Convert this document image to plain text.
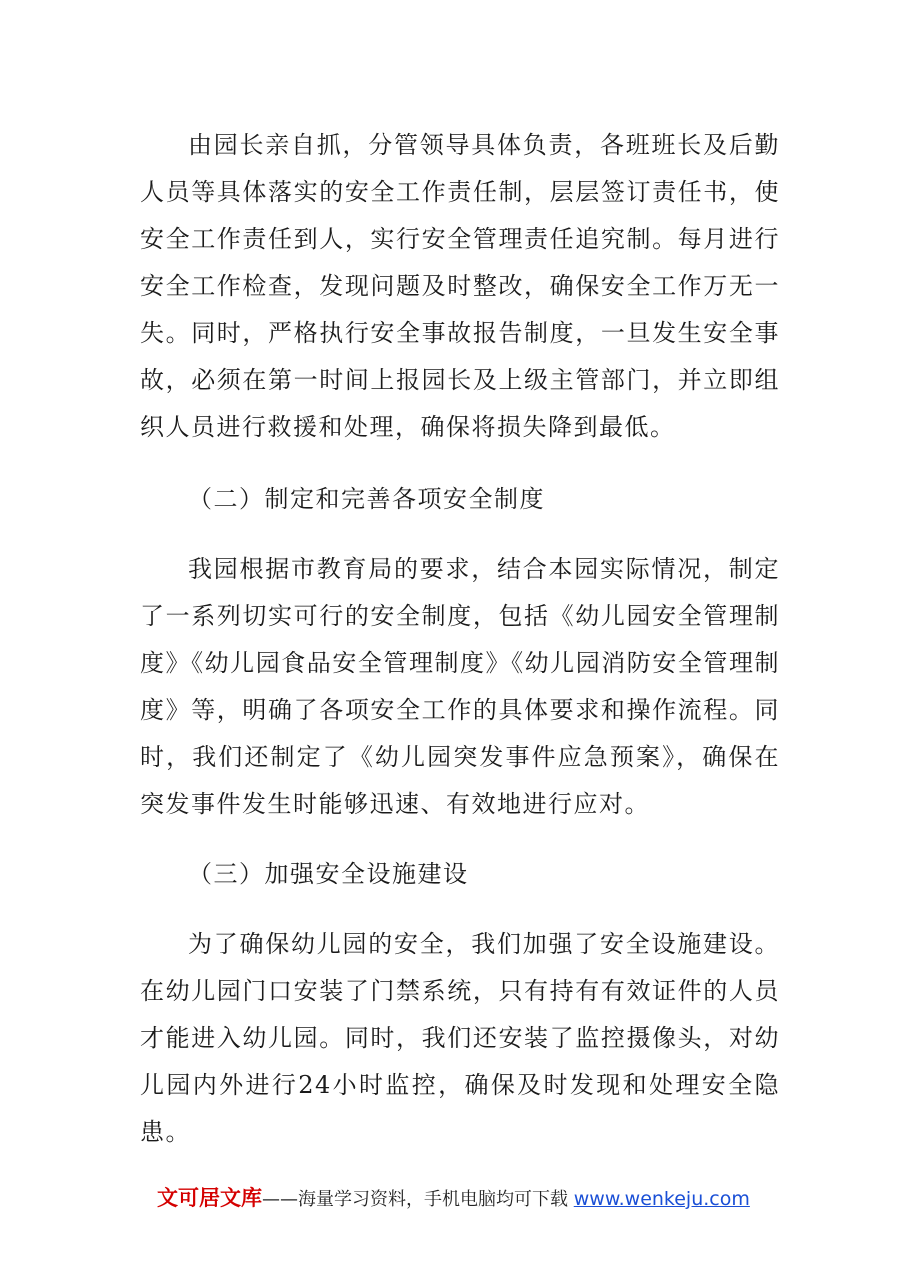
由园长亲自抓，分管领导具体负责，各班班长及后勤人员等具体落实的安全工作责任制，层层签订责任书，使安全工作责任到人，实行安全管理责任追究制。每月进行安全工作检查，发现问题及时整改，确保安全工作万无一失。同时，严格执行安全事故报告制度，一旦发生安全事故，必须在第一时间上报园长及上级主管部门，并立即组织人员进行救援和处理，确保将损失降到最低。

（二）制定和完善各项安全制度

我园根据市教育局的要求，结合本园实际情况，制定了一系列切实可行的安全制度，包括《幼儿园安全管理制度》《幼儿园食品安全管理制度》《幼儿园消防安全管理制度》等，明确了各项安全工作的具体要求和操作流程。同时，我们还制定了《幼儿园突发事件应急预案》，确保在突发事件发生时能够迅速、有效地进行应对。

（三）加强安全设施建设

为了确保幼儿园的安全，我们加强了安全设施建设。在幼儿园门口安装了门禁系统，只有持有有效证件的人员才能进入幼儿园。同时，我们还安装了监控摄像头，对幼儿园内外进行24小时监控，确保及时发现和处理安全隐患。

文可居文库——海量学习资料，手机电脑均可下载 www.wenkeju.com
